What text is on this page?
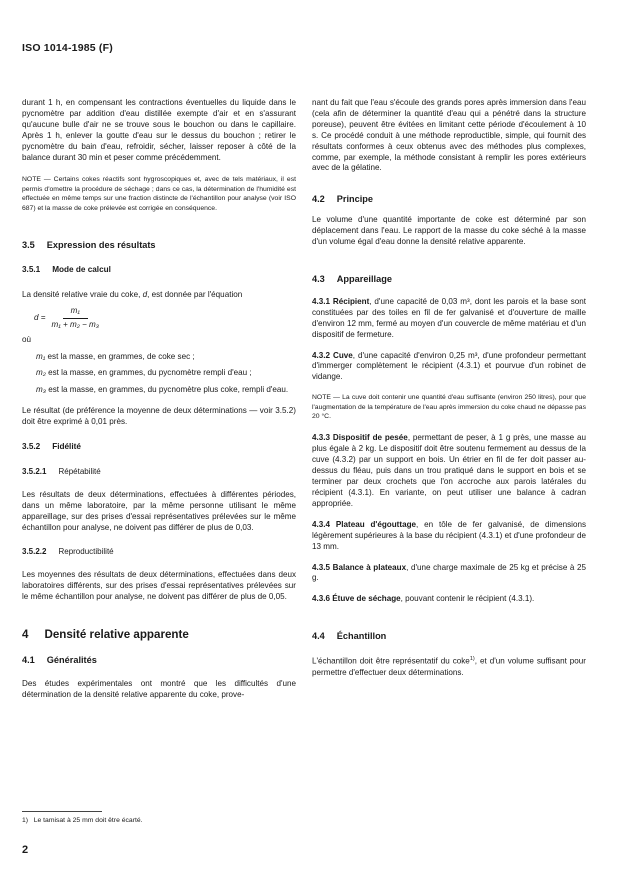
ISO 1014-1985 (F)

durant 1 h, en compensant les contractions éventuelles du liquide dans le pycnomètre par addition d'eau distillée exempte d'air et en s'assurant qu'aucune bulle d'air ne se trouve sous le bouchon ou dans le capillaire. Après 1 h, enlever la goutte d'eau sur le dessus du bouchon ; retirer le pycnomètre du bain d'eau, refroidir, sécher, laisser reposer à côté de la balance durant 30 min et peser comme précédemment.

NOTE — Certains cokes réactifs sont hygroscopiques et, avec de tels matériaux, il est permis d'omettre la procédure de séchage ; dans ce cas, la détermination de l'humidité est effectuée en même temps sur une fraction distincte de l'échantillon pour analyse (voir ISO 687) et la masse de coke prélevée est corrigée en conséquence.

3.5 Expression des résultats
3.5.1 Mode de calcul

La densité relative vraie du coke, d, est donnée par l'équation

$d = \frac{\text{m₁}}{\text{m₁ + m₂ − m₃}}$

où

m₁ est la masse, en grammes, de coke sec ;

m₂ est la masse, en grammes, du pycnomètre rempli d'eau ;

m₃ est la masse, en grammes, du pycnomètre plus coke, rempli d'eau.

Le résultat (de préférence la moyenne de deux déterminations — voir 3.5.2) doit être exprimé à 0,01 près.

3.5.2 Fidélité
3.5.2.1 Répétabilité

Les résultats de deux déterminations, effectuées à différentes périodes, dans un même laboratoire, par la même personne utilisant le même appareillage, sur des prises d'essai représentatives prélevées sur le même échantillon pour analyse, ne doivent pas différer de plus de 0,03.

3.5.2.2 Reproductibilité

Les moyennes des résultats de deux déterminations, effectuées dans deux laboratoires différents, sur des prises d'essai représentatives prélevées sur le même échantillon pour analyse, ne doivent pas différer de plus de 0,05.

4 Densité relative apparente
4.1 Généralités

Des études expérimentales ont montré que les difficultés d'une détermination de la densité relative apparente du coke, prove-

nant du fait que l'eau s'écoule des grands pores après immersion dans l'eau (cela afin de déterminer la quantité d'eau qui a pénétré dans la structure poreuse), peuvent être évitées en limitant cette période d'écoulement à 10 s. Ce procédé conduit à une méthode reproductible, simple, qui fournit des résultats conformes à ceux obtenus avec des méthodes plus complexes, comme, par exemple, la méthode consistant à remplir les pores extérieurs avec de la gélatine.

4.2 Principe

Le volume d'une quantité importante de coke est déterminé par son déplacement dans l'eau. Le rapport de la masse du coke séché à la masse d'un volume égal d'eau donne la densité relative apparente.

4.3 Appareillage

4.3.1 Récipient, d'une capacité de 0,03 m³, dont les parois et la base sont constituées par des toiles en fil de fer galvanisé et d'ouverture de maille d'environ 12 mm, fermé au moyen d'un couvercle de même matériau et d'un dispositif de fermeture.

4.3.2 Cuve, d'une capacité d'environ 0,25 m³, d'une profondeur permettant d'immerger complètement le récipient (4.3.1) et pourvue d'un robinet de vidange.

NOTE — La cuve doit contenir une quantité d'eau suffisante (environ 250 litres), pour que l'augmentation de la température de l'eau après immersion du coke chaud ne dépasse pas 20 °C.

4.3.3 Dispositif de pesée, permettant de peser, à 1 g près, une masse au plus égale à 2 kg. Le dispositif doit être soutenu fermement au dessus de la cuve (4.3.2) par un support en bois. Un étrier en fil de fer doit passer au-dessus du fléau, puis dans un trou pratiqué dans le support en bois et se terminer par deux crochets que l'on accroche aux parois latérales du récipient (4.3.1). En variante, on peut utiliser une balance à cadran appropriée.

4.3.4 Plateau d'égouttage, en tôle de fer galvanisé, de dimensions légèrement supérieures à la base du récipient (4.3.1) et d'une profondeur de 13 mm.

4.3.5 Balance à plateaux, d'une charge maximale de 25 kg et précise à 25 g.

4.3.6 Étuve de séchage, pouvant contenir le récipient (4.3.1).

4.4 Échantillon

L'échantillon doit être représentatif du coke$^{1)}$, et d'un volume suffisant pour permettre d'effectuer deux déterminations.

1) Le tamisat à 25 mm doit être écarté.
2
